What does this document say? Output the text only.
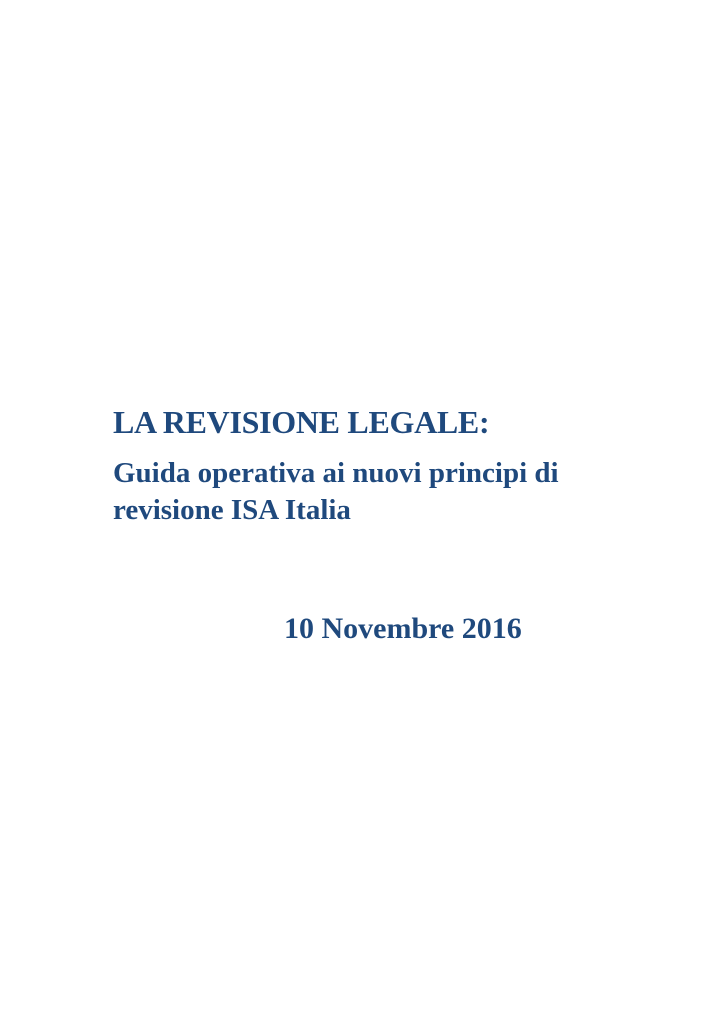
LA REVISIONE LEGALE:
Guida operativa ai nuovi principi di
revisione ISA Italia

10 Novembre 2016
